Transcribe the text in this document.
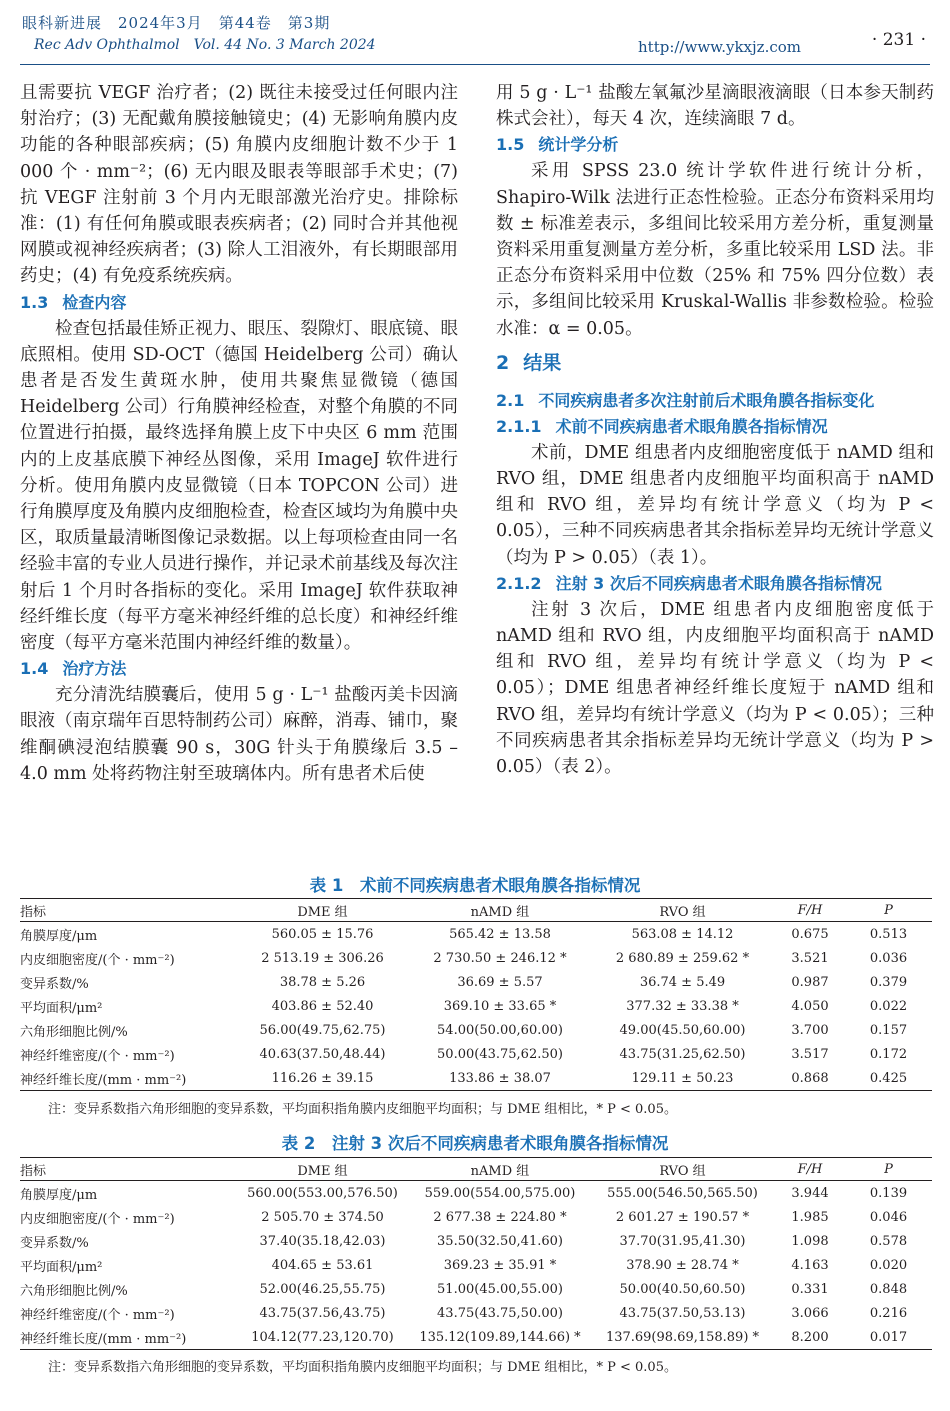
眼科新进展　2024年3月　第44卷　第3期
Rec Adv Ophthalmol　Vol. 44 No. 3 March 2024	http://www.ykxjz.com	· 231 ·

且需要抗 VEGF 治疗者；(2) 既往未接受过任何眼内注射治疗；(3) 无配戴角膜接触镜史；(4) 无影响角膜内皮功能的各种眼部疾病；(5) 角膜内皮细胞计数不少于 1 000 个 · mm⁻²；(6) 无内眼及眼表等眼部手术史；(7) 抗 VEGF 注射前 3 个月内无眼部激光治疗史。排除标准：(1) 有任何角膜或眼表疾病者；(2) 同时合并其他视网膜或视神经疾病者；(3) 除人工泪液外，有长期眼部用药史；(4) 有免疫系统疾病。

1.3 检查内容

检查包括最佳矫正视力、眼压、裂隙灯、眼底镜、眼底照相。使用 SD-OCT（德国 Heidelberg 公司）确认患者是否发生黄斑水肿，使用共聚焦显微镜（德国 Heidelberg 公司）行角膜神经检查，对整个角膜的不同位置进行拍摄，最终选择角膜上皮下中央区 6 mm 范围内的上皮基底膜下神经丛图像，采用 ImageJ 软件进行分析。使用角膜内皮显微镜（日本 TOPCON 公司）进行角膜厚度及角膜内皮细胞检查，检查区域均为角膜中央区，取质量最清晰图像记录数据。以上每项检查由同一名经验丰富的专业人员进行操作，并记录术前基线及每次注射后 1 个月时各指标的变化。采用 ImageJ 软件获取神经纤维长度（每平方毫米神经纤维的总长度）和神经纤维密度（每平方毫米范围内神经纤维的数量）。

1.4 治疗方法

充分清洗结膜囊后，使用 5 g · L⁻¹ 盐酸丙美卡因滴眼液（南京瑞年百思特制药公司）麻醉，消毒、铺巾，聚维酮碘浸泡结膜囊 90 s，30G 针头于角膜缘后 3.5 – 4.0 mm 处将药物注射至玻璃体内。所有患者术后使

用 5 g · L⁻¹ 盐酸左氧氟沙星滴眼液滴眼（日本参天制药株式会社），每天 4 次，连续滴眼 7 d。

1.5 统计学分析

采用 SPSS 23.0 统计学软件进行统计分析，Shapiro-Wilk 法进行正态性检验。正态分布资料采用均数 ± 标准差表示，多组间比较采用方差分析，重复测量资料采用重复测量方差分析，多重比较采用 LSD 法。非正态分布资料采用中位数（25% 和 75% 四分位数）表示，多组间比较采用 Kruskal-Wallis 非参数检验。检验水准：α = 0.05。

2 结果
2.1 不同疾病患者多次注射前后术眼角膜各指标变化
2.1.1 术前不同疾病患者术眼角膜各指标情况

术前，DME 组患者内皮细胞密度低于 nAMD 组和 RVO 组，DME 组患者内皮细胞平均面积高于 nAMD 组和 RVO 组，差异均有统计学意义（均为 P < 0.05），三种不同疾病患者其余指标差异均无统计学意义（均为 P > 0.05）（表 1）。

2.1.2 注射 3 次后不同疾病患者术眼角膜各指标情况

注射 3 次后，DME 组患者内皮细胞密度低于 nAMD 组和 RVO 组，内皮细胞平均面积高于 nAMD 组和 RVO 组，差异均有统计学意义（均为 P < 0.05）；DME 组患者神经纤维长度短于 nAMD 组和 RVO 组，差异均有统计学意义（均为 P < 0.05）；三种不同疾病患者其余指标差异均无统计学意义（均为 P > 0.05）（表 2）。

表 1　术前不同疾病患者术眼角膜各指标情况
指标	DME 组	nAMD 组	RVO 组	F/H	P
角膜厚度/μm	560.05 ± 15.76	565.42 ± 13.58	563.08 ± 14.12	0.675	0.513
内皮细胞密度/(个 · mm⁻²)	2 513.19 ± 306.26	2 730.50 ± 246.12 *	2 680.89 ± 259.62 *	3.521	0.036
变异系数/%	38.78 ± 5.26	36.69 ± 5.57	36.74 ± 5.49	0.987	0.379
平均面积/μm²	403.86 ± 52.40	369.10 ± 33.65 *	377.32 ± 33.38 *	4.050	0.022
六角形细胞比例/%	56.00(49.75,62.75)	54.00(50.00,60.00)	49.00(45.50,60.00)	3.700	0.157
神经纤维密度/(个 · mm⁻²)	40.63(37.50,48.44)	50.00(43.75,62.50)	43.75(31.25,62.50)	3.517	0.172
神经纤维长度/(mm · mm⁻²)	116.26 ± 39.15	133.86 ± 38.07	129.11 ± 50.23	0.868	0.425
注：变异系数指六角形细胞的变异系数，平均面积指角膜内皮细胞平均面积；与 DME 组相比，* P < 0.05。
表 2　注射 3 次后不同疾病患者术眼角膜各指标情况
指标	DME 组	nAMD 组	RVO 组	F/H	P
角膜厚度/μm	560.00(553.00,576.50)	559.00(554.00,575.00)	555.00(546.50,565.50)	3.944	0.139
内皮细胞密度/(个 · mm⁻²)	2 505.70 ± 374.50	2 677.38 ± 224.80 *	2 601.27 ± 190.57 *	1.985	0.046
变异系数/%	37.40(35.18,42.03)	35.50(32.50,41.60)	37.70(31.95,41.30)	1.098	0.578
平均面积/μm²	404.65 ± 53.61	369.23 ± 35.91 *	378.90 ± 28.74 *	4.163	0.020
六角形细胞比例/%	52.00(46.25,55.75)	51.00(45.00,55.00)	50.00(40.50,60.50)	0.331	0.848
神经纤维密度/(个 · mm⁻²)	43.75(37.56,43.75)	43.75(43.75,50.00)	43.75(37.50,53.13)	3.066	0.216
神经纤维长度/(mm · mm⁻²)	104.12(77.23,120.70)	135.12(109.89,144.66) *	137.69(98.69,158.89) *	8.200	0.017
注：变异系数指六角形细胞的变异系数，平均面积指角膜内皮细胞平均面积；与 DME 组相比，* P < 0.05。
